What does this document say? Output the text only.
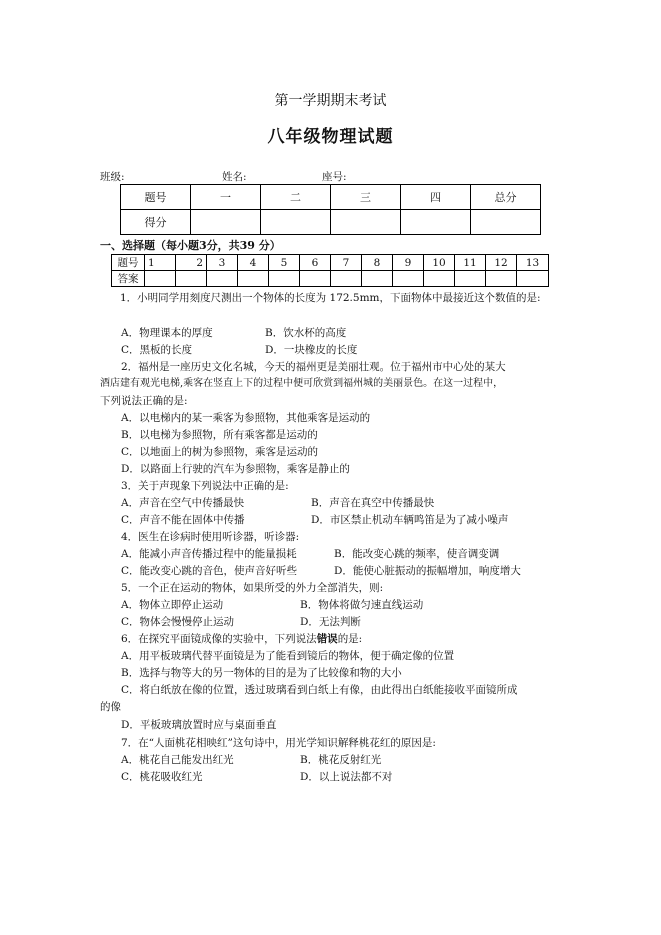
第一学期期末考试
八年级物理试题
班级:	姓名:	座号:
题号	一	二	三	四	总分
得分					
一、选择题（每小题3分，共39 分）
题号	1	2	3	4	5	6	7	8	9	10	11	12	13
答案													
1．小明同学用刻度尺测出一个物体的长度为 172.5mm，下面物体中最接近这个数值的是:
A．物理课本的厚度	B．饮水杯的高度
C．黑板的长度	D．一块橡皮的长度
2．福州是一座历史文化名城，今天的福州更是美丽壮观。位于福州市中心处的某大
酒店建有观光电梯,乘客在竖直上下的过程中便可欣赏到福州城的美丽景色。在这一过程中，
下列说法正确的是:
A．以电梯内的某一乘客为参照物，其他乘客是运动的
B．以电梯为参照物，所有乘客都是运动的
C．以地面上的树为参照物，乘客是运动的
D．以路面上行驶的汽车为参照物，乘客是静止的
3．关于声现象下列说法中正确的是:
A．声音在空气中传播最快	B．声音在真空中传播最快
C．声音不能在固体中传播	D．市区禁止机动车辆鸣笛是为了减小噪声
4．医生在诊病时使用听诊器，听诊器:
A．能减小声音传播过程中的能量损耗	B．能改变心跳的频率，使音调变调
C．能改变心跳的音色，使声音好听些	D．能使心脏振动的振幅增加，响度增大
5．一个正在运动的物体，如果所受的外力全部消失，则:
A．物体立即停止运动	B．物体将做匀速直线运动
C．物体会慢慢停止运动	D．无法判断
6．在探究平面镜成像的实验中，下列说法错误的是:
A．用平板玻璃代替平面镜是为了能看到镜后的物体，便于确定像的位置
B．选择与物等大的另一物体的目的是为了比较像和物的大小
C．将白纸放在像的位置，透过玻璃看到白纸上有像，由此得出白纸能接收平面镜所成
的像
D．平板玻璃放置时应与桌面垂直
7．在“人面桃花相映红”这句诗中，用光学知识解释桃花红的原因是:
A．桃花自己能发出红光	B．桃花反射红光
C．桃花吸收红光	D．以上说法都不对
